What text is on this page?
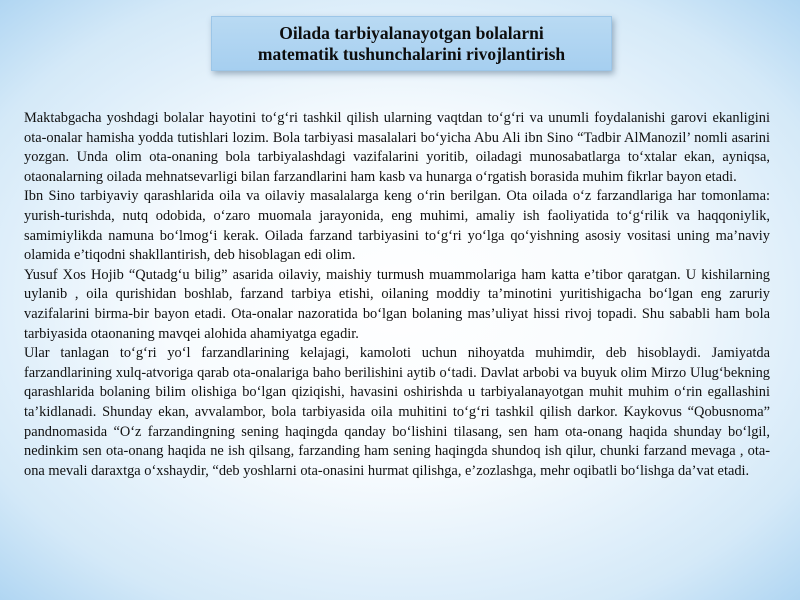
Oilada tarbiyalanayotgan bolalarni
matematik tushunchalarini rivojlantirish

Maktabgacha yoshdagi bolalar hayotini to‘g‘ri tashkil qilish ularning vaqtdan to‘g‘ri va unumli foydalanishi garovi ekanligini ota-onalar hamisha yodda tutishlari lozim. Bola tarbiyasi masalalari bo‘yicha Abu Ali ibn Sino “Tadbir AlManozil’ nomli asarini yozgan. Unda olim ota-onaning bola tarbiyalashdagi vazifalarini yoritib, oiladagi munosabatlarga to‘xtalar ekan, ayniqsa, otaonalarning oilada mehnatsevarligi bilan farzandlarini ham kasb va hunarga o‘rgatish borasida muhim fikrlar bayon etadi.

Ibn Sino tarbiyaviy qarashlarida oila va oilaviy masalalarga keng o‘rin berilgan. Ota oilada o‘z farzandlariga har tomonlama: yurish-turishda, nutq odobida, o‘zaro muomala jarayonida, eng muhimi, amaliy ish faoliyatida to‘g‘rilik va haqqoniylik, samimiylikda namuna bo‘lmog‘i kerak. Oilada farzand tarbiyasini to‘g‘ri yo‘lga qo‘yishning asosiy vositasi uning ma’naviy olamida e’tiqodni shakllantirish, deb hisoblagan edi olim.

Yusuf Xos Hojib “Qutadg‘u bilig” asarida oilaviy, maishiy turmush muammolariga ham katta e’tibor qaratgan. U kishilarning uylanib , oila qurishidan boshlab, farzand tarbiya etishi, oilaning moddiy ta’minotini yuritishigacha bo‘lgan eng zaruriy vazifalarini birma-bir bayon etadi. Ota-onalar nazoratida bo‘lgan bolaning mas’uliyat hissi rivoj topadi. Shu sababli ham bola tarbiyasida otaonaning mavqei alohida ahamiyatga egadir.

Ular tanlagan to‘g‘ri yo‘l farzandlarining kelajagi, kamoloti uchun nihoyatda muhimdir, deb hisoblaydi. Jamiyatda farzandlarining xulq-atvoriga qarab ota-onalariga baho berilishini aytib o‘tadi. Davlat arbobi va buyuk olim Mirzo Ulug‘bekning qarashlarida bolaning bilim olishiga bo‘lgan qiziqishi, havasini oshirishda u tarbiyalanayotgan muhit muhim o‘rin egallashini ta’kidlanadi. Shunday ekan, avvalambor, bola tarbiyasida oila muhitini to‘g‘ri tashkil qilish darkor. Kaykovus “Qobusnoma” pandnomasida “O‘z farzandingning sening haqingda qanday bo‘lishini tilasang, sen ham ota-onang haqida shunday bo‘lgil, nedinkim sen ota-onang haqida ne ish qilsang, farzanding ham sening haqingda shundoq ish qilur, chunki farzand mevaga , ota-ona mevali daraxtga o‘xshaydir, “deb yoshlarni ota-onasini hurmat qilishga, e’zozlashga, mehr oqibatli bo‘lishga da’vat etadi.
